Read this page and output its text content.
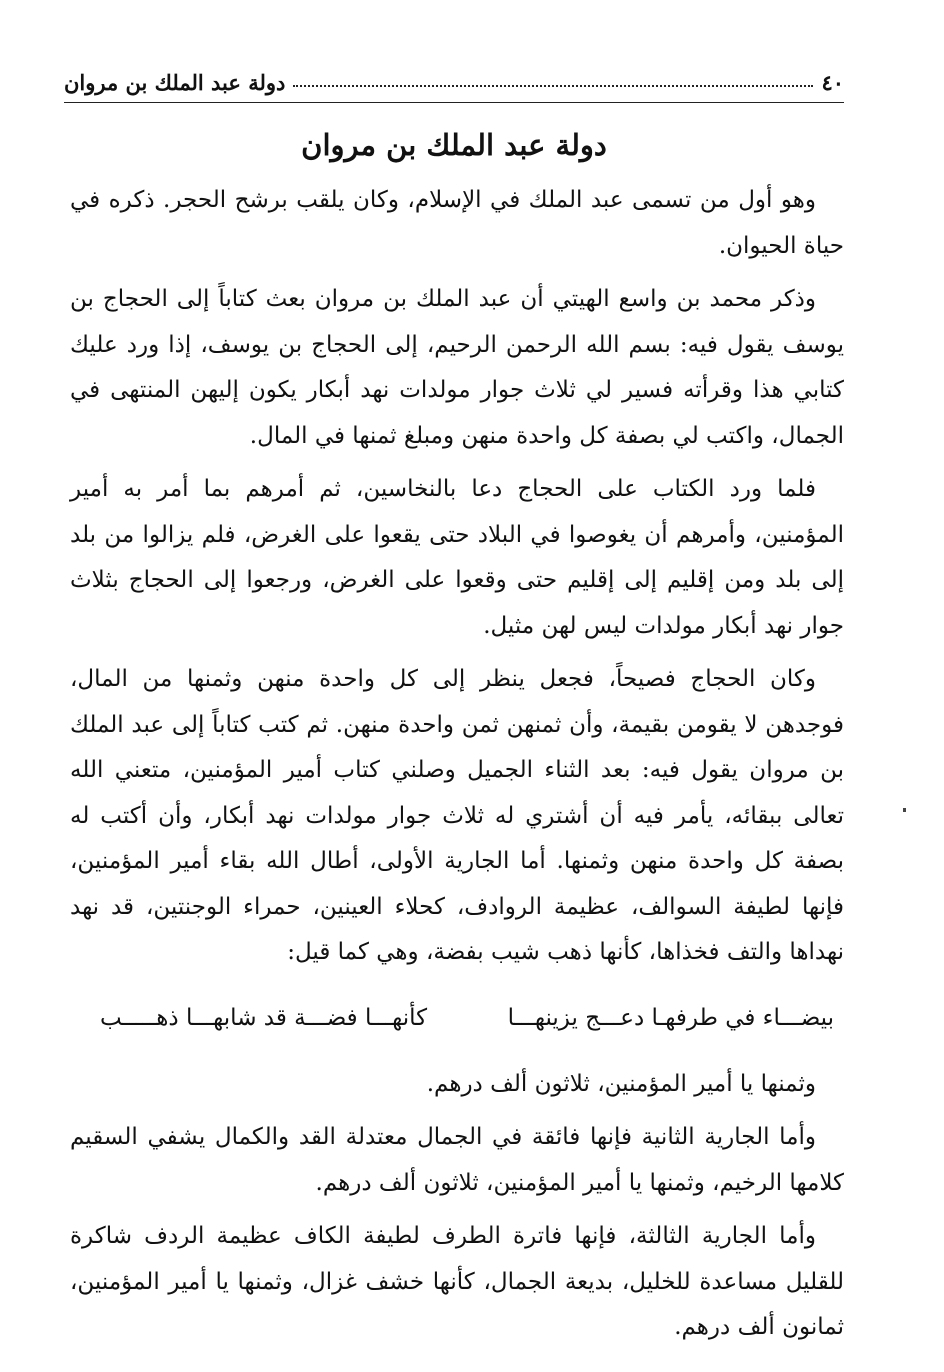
٤٠
دولة عبد الملك بن مروان
دولة عبد الملك بن مروان

وهو أول من تسمى عبد الملك في الإسلام، وكان يلقب برشح الحجر. ذكره في حياة الحيوان.

وذكر محمد بن واسع الهيتي أن عبد الملك بن مروان بعث كتاباً إلى الحجاج بن يوسف يقول فيه: بسم الله الرحمن الرحيم، إلى الحجاج بن يوسف، إذا ورد عليك كتابي هذا وقرأته فسير لي ثلاث جوار مولدات نهد أبكار يكون إليهن المنتهى في الجمال، واكتب لي بصفة كل واحدة منهن ومبلغ ثمنها في المال.

فلما ورد الكتاب على الحجاج دعا بالنخاسين، ثم أمرهم بما أمر به أمير المؤمنين، وأمرهم أن يغوصوا في البلاد حتى يقعوا على الغرض، فلم يزالوا من بلد إلى بلد ومن إقليم إلى إقليم حتى وقعوا على الغرض، ورجعوا إلى الحجاج بثلاث جوار نهد أبكار مولدات ليس لهن مثيل.

وكان الحجاج فصيحاً، فجعل ينظر إلى كل واحدة منهن وثمنها من المال، فوجدهن لا يقومن بقيمة، وأن ثمنهن ثمن واحدة منهن. ثم كتب كتاباً إلى عبد الملك بن مروان يقول فيه: بعد الثناء الجميل وصلني كتاب أمير المؤمنين، متعني الله تعالى ببقائه، يأمر فيه أن أشتري له ثلاث جوار مولدات نهد أبكار، وأن أكتب له بصفة كل واحدة منهن وثمنها. أما الجارية الأولى، أطال الله بقاء أمير المؤمنين، فإنها لطيفة السوالف، عظيمة الروادف، كحلاء العينين، حمراء الوجنتين، قد نهد نهداها والتف فخذاها، كأنها ذهب شيب بفضة، وهي كما قيل:

بيضـــاء في طرفهـا دعـــج يزينهـــا
كأنهـــا فضـــة قد شابهـــا ذهـــــب

وثمنها يا أمير المؤمنين، ثلاثون ألف درهم.

وأما الجارية الثانية فإنها فائقة في الجمال معتدلة القد والكمال يشفي السقيم كلامها الرخيم، وثمنها يا أمير المؤمنين، ثلاثون ألف درهم.

وأما الجارية الثالثة، فإنها فاترة الطرف لطيفة الكاف عظيمة الردف شاكرة للقليل مساعدة للخليل، بديعة الجمال، كأنها خشف غزال، وثمنها يا أمير المؤمنين، ثمانون ألف درهم.
